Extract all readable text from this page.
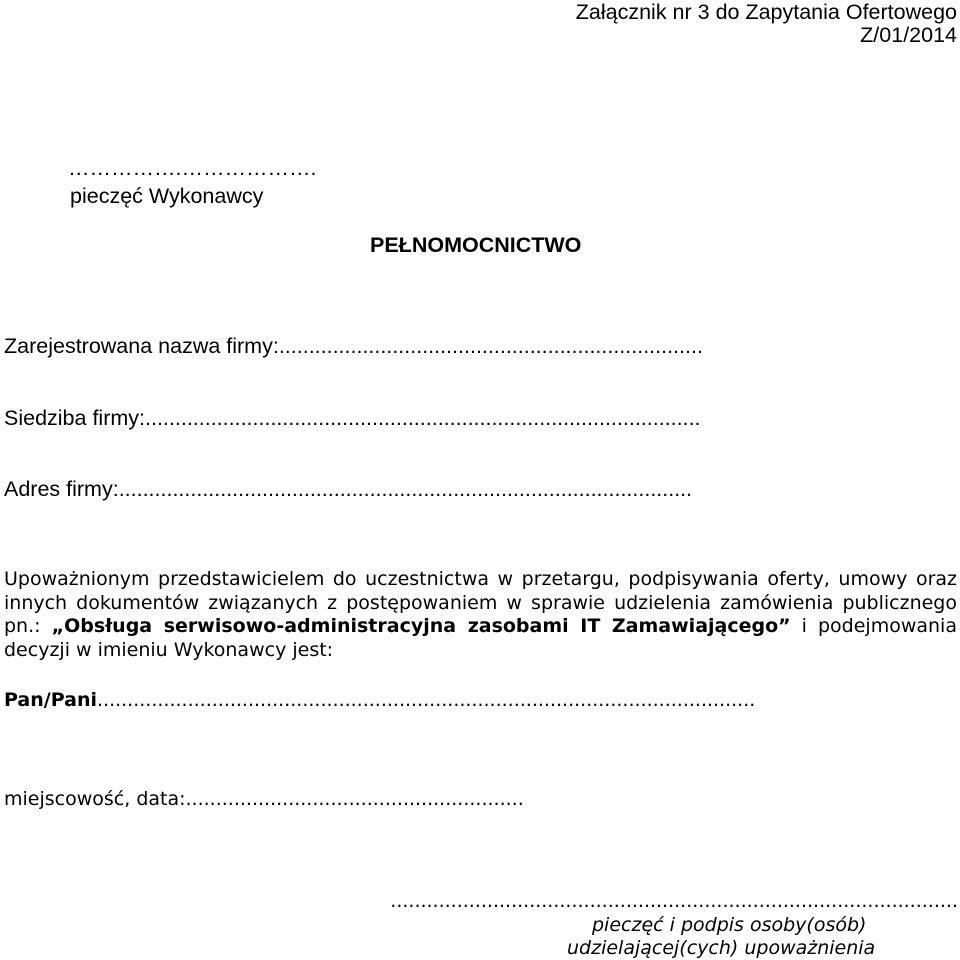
Załącznik nr 3 do Zapytania Ofertowego
Z/01/2014
…………….……………….
pieczęć Wykonawcy
PEŁNOMOCNICTWO
Zarejestrowana nazwa firmy:.......................................................................
Siedziba firmy:.............................................................................................
Adres firmy:................................................................................................
Upoważnionym przedstawicielem do uczestnictwa w przetargu, podpisywania oferty, umowy oraz innych dokumentów związanych z postępowaniem w sprawie udzielenia zamówienia publicznego pn.: „Obsługa serwisowo-administracyjna zasobami IT Zamawiającego” i podejmowania decyzji w imieniu Wykonawcy jest:
Pan/Pani.............................................................................................................
miejscowość, data:........................................................
..............................................................................................
pieczęć i podpis osoby(osób)
udzielającej(cych) upoważnienia
